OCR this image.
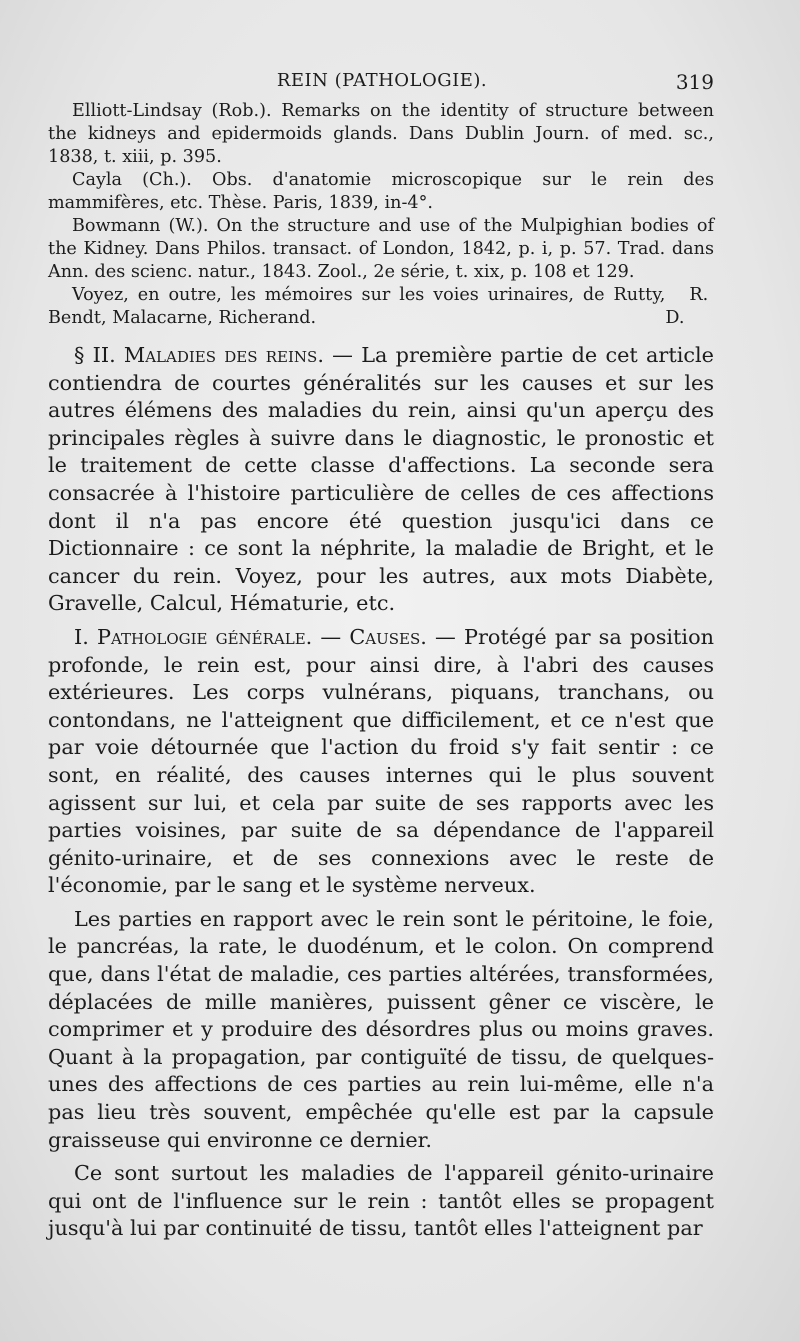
REIN (PATHOLOGIE).	319

Elliott-Lindsay (Rob.). Remarks on the identity of structure between the kidneys and epidermoids glands. Dans Dublin Journ. of med. sc., 1838, t. xiii, p. 395.

Cayla (Ch.). Obs. d'anatomie microscopique sur le rein des mammifères, etc. Thèse. Paris, 1839, in-4°.

Bowmann (W.). On the structure and use of the Mulpighian bodies of the Kidney. Dans Philos. transact. of London, 1842, p. i, p. 57. Trad. dans Ann. des scienc. natur., 1843. Zool., 2e série, t. xix, p. 108 et 129.

Voyez, en outre, les mémoires sur les voies urinaires, de Rutty, Bendt, Malacarne, Richerand.
R. D.

§ II. Maladies des reins. — La première partie de cet article contiendra de courtes généralités sur les causes et sur les autres élémens des maladies du rein, ainsi qu'un aperçu des principales règles à suivre dans le diagnostic, le pronostic et le traitement de cette classe d'affections. La seconde sera consacrée à l'histoire particulière de celles de ces affections dont il n'a pas encore été question jusqu'ici dans ce Dictionnaire : ce sont la néphrite, la maladie de Bright, et le cancer du rein. Voyez, pour les autres, aux mots Diabète, Gravelle, Calcul, Hématurie, etc.

I. Pathologie générale. — Causes. — Protégé par sa position profonde, le rein est, pour ainsi dire, à l'abri des causes extérieures. Les corps vulnérans, piquans, tranchans, ou contondans, ne l'atteignent que difficilement, et ce n'est que par voie détournée que l'action du froid s'y fait sentir : ce sont, en réalité, des causes internes qui le plus souvent agissent sur lui, et cela par suite de ses rapports avec les parties voisines, par suite de sa dépendance de l'appareil génito-urinaire, et de ses connexions avec le reste de l'économie, par le sang et le système nerveux.

Les parties en rapport avec le rein sont le péritoine, le foie, le pancréas, la rate, le duodénum, et le colon. On comprend que, dans l'état de maladie, ces parties altérées, transformées, déplacées de mille manières, puissent gêner ce viscère, le comprimer et y produire des désordres plus ou moins graves. Quant à la propagation, par contiguïté de tissu, de quelques-unes des affections de ces parties au rein lui-même, elle n'a pas lieu très souvent, empêchée qu'elle est par la capsule graisseuse qui environne ce dernier.

Ce sont surtout les maladies de l'appareil génito-urinaire qui ont de l'influence sur le rein : tantôt elles se propagent jusqu'à lui par continuité de tissu, tantôt elles l'atteignent par
